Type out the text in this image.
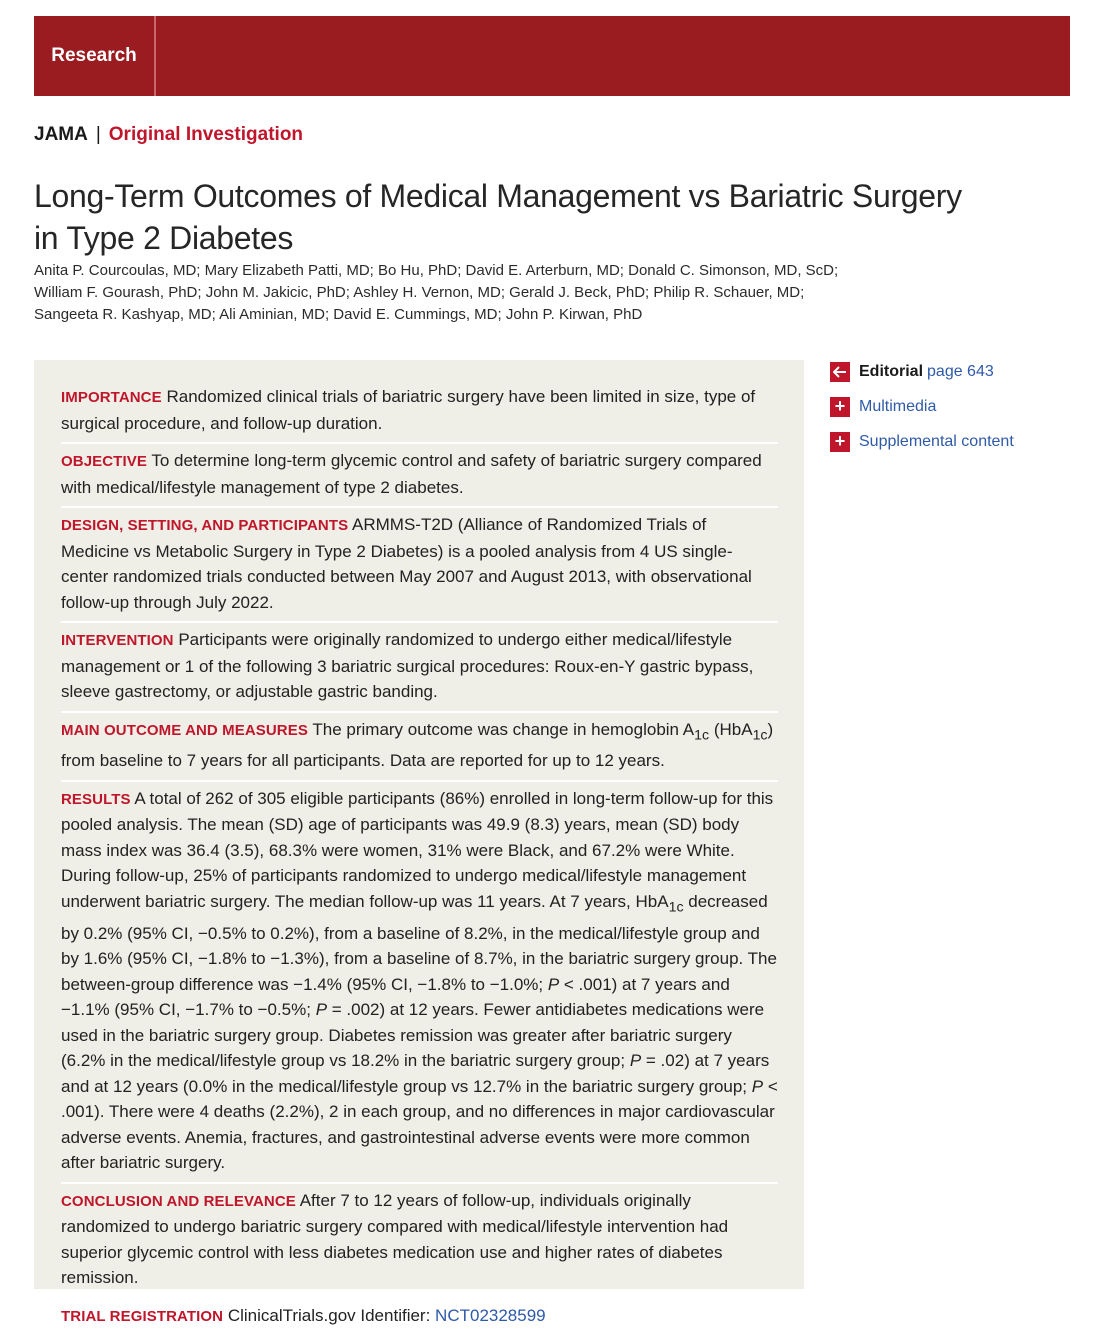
Research
JAMA | Original Investigation
Long-Term Outcomes of Medical Management vs Bariatric Surgery in Type 2 Diabetes
Anita P. Courcoulas, MD; Mary Elizabeth Patti, MD; Bo Hu, PhD; David E. Arterburn, MD; Donald C. Simonson, MD, ScD; William F. Gourash, PhD; John M. Jakicic, PhD; Ashley H. Vernon, MD; Gerald J. Beck, PhD; Philip R. Schauer, MD; Sangeeta R. Kashyap, MD; Ali Aminian, MD; David E. Cummings, MD; John P. Kirwan, PhD
IMPORTANCE Randomized clinical trials of bariatric surgery have been limited in size, type of surgical procedure, and follow-up duration.
OBJECTIVE To determine long-term glycemic control and safety of bariatric surgery compared with medical/lifestyle management of type 2 diabetes.
DESIGN, SETTING, AND PARTICIPANTS ARMMS-T2D (Alliance of Randomized Trials of Medicine vs Metabolic Surgery in Type 2 Diabetes) is a pooled analysis from 4 US single-center randomized trials conducted between May 2007 and August 2013, with observational follow-up through July 2022.
INTERVENTION Participants were originally randomized to undergo either medical/lifestyle management or 1 of the following 3 bariatric surgical procedures: Roux-en-Y gastric bypass, sleeve gastrectomy, or adjustable gastric banding.
MAIN OUTCOME AND MEASURES The primary outcome was change in hemoglobin $A_{1c}$ (HbA$_{1c}$) from baseline to 7 years for all participants. Data are reported for up to 12 years.
RESULTS A total of 262 of 305 eligible participants (86%) enrolled in long-term follow-up for this pooled analysis. The mean (SD) age of participants was 49.9 (8.3) years, mean (SD) body mass index was 36.4 (3.5), 68.3% were women, 31% were Black, and 67.2% were White. During follow-up, 25% of participants randomized to undergo medical/lifestyle management underwent bariatric surgery. The median follow-up was 11 years. At 7 years, HbA$_{1c}$ decreased by 0.2% (95% CI, −0.5% to 0.2%), from a baseline of 8.2%, in the medical/lifestyle group and by 1.6% (95% CI, −1.8% to −1.3%), from a baseline of 8.7%, in the bariatric surgery group. The between-group difference was −1.4% (95% CI, −1.8% to −1.0%; P < .001) at 7 years and −1.1% (95% CI, −1.7% to −0.5%; P = .002) at 12 years. Fewer antidiabetes medications were used in the bariatric surgery group. Diabetes remission was greater after bariatric surgery (6.2% in the medical/lifestyle group vs 18.2% in the bariatric surgery group; P = .02) at 7 years and at 12 years (0.0% in the medical/lifestyle group vs 12.7% in the bariatric surgery group; P < .001). There were 4 deaths (2.2%), 2 in each group, and no differences in major cardiovascular adverse events. Anemia, fractures, and gastrointestinal adverse events were more common after bariatric surgery.
CONCLUSION AND RELEVANCE After 7 to 12 years of follow-up, individuals originally randomized to undergo bariatric surgery compared with medical/lifestyle intervention had superior glycemic control with less diabetes medication use and higher rates of diabetes remission.
TRIAL REGISTRATION ClinicalTrials.gov Identifier: NCT02328599
Editorial page 643
+ Multimedia
+ Supplemental content
